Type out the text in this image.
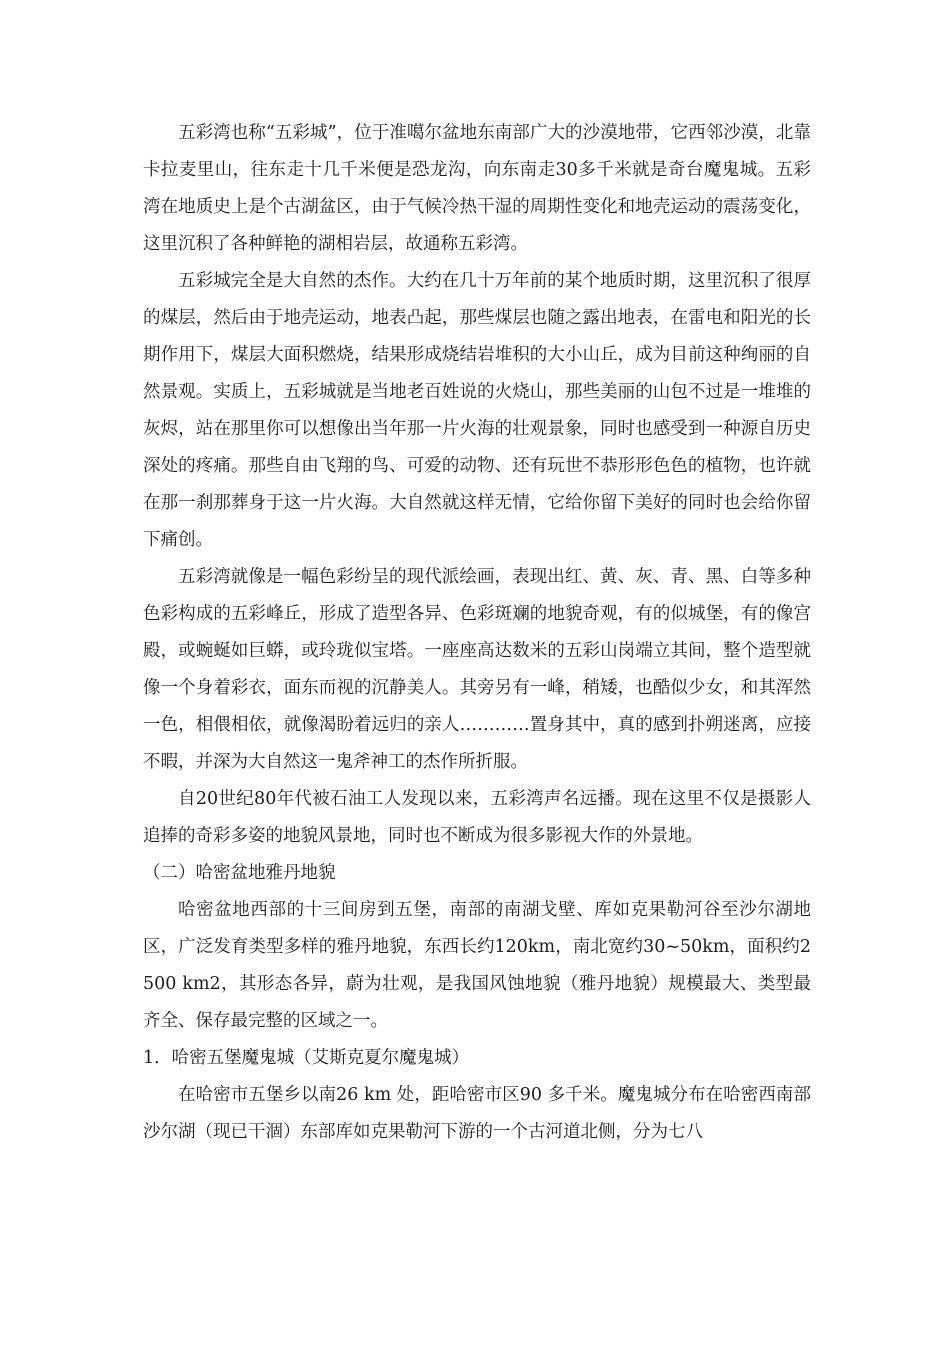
五彩湾也称“五彩城”，位于准噶尔盆地东南部广大的沙漠地带，它西邻沙漠，北靠卡拉麦里山，往东走十几千米便是恐龙沟，向东南走30多千米就是奇台魔鬼城。五彩湾在地质史上是个古湖盆区，由于气候冷热干湿的周期性变化和地壳运动的震荡变化，这里沉积了各种鲜艳的湖相岩层，故通称五彩湾。

五彩城完全是大自然的杰作。大约在几十万年前的某个地质时期，这里沉积了很厚的煤层，然后由于地壳运动，地表凸起，那些煤层也随之露出地表，在雷电和阳光的长期作用下，煤层大面积燃烧，结果形成烧结岩堆积的大小山丘，成为目前这种绚丽的自然景观。实质上，五彩城就是当地老百姓说的火烧山，那些美丽的山包不过是一堆堆的灰烬，站在那里你可以想像出当年那一片火海的壮观景象，同时也感受到一种源自历史深处的疼痛。那些自由飞翔的鸟、可爱的动物、还有玩世不恭形形色色的植物，也许就在那一刹那葬身于这一片火海。大自然就这样无情，它给你留下美好的同时也会给你留下痛创。

五彩湾就像是一幅色彩纷呈的现代派绘画，表现出红、黄、灰、青、黑、白等多种色彩构成的五彩峰丘，形成了造型各异、色彩斑斓的地貌奇观，有的似城堡，有的像宫殿，或蜿蜒如巨蟒，或玲珑似宝塔。一座座高达数米的五彩山岗端立其间，整个造型就像一个身着彩衣，面东而视的沉静美人。其旁另有一峰，稍矮，也酷似少女，和其浑然一色，相偎相依，就像渴盼着远归的亲人…………置身其中，真的感到扑朔迷离，应接不暇，并深为大自然这一鬼斧神工的杰作所折服。

自20世纪80年代被石油工人发现以来，五彩湾声名远播。现在这里不仅是摄影人追捧的奇彩多姿的地貌风景地，同时也不断成为很多影视大作的外景地。

（二）哈密盆地雅丹地貌

哈密盆地西部的十三间房到五堡，南部的南湖戈壁、库如克果勒河谷至沙尔湖地区，广泛发育类型多样的雅丹地貌，东西长约120km，南北宽约30~50km，面积约2 500 km2，其形态各异，蔚为壮观，是我国风蚀地貌（雅丹地貌）规模最大、类型最齐全、保存最完整的区域之一。

1．哈密五堡魔鬼城（艾斯克夏尔魔鬼城）

在哈密市五堡乡以南26 km 处，距哈密市区90 多千米。魔鬼城分布在哈密西南部沙尔湖（现已干涸）东部库如克果勒河下游的一个古河道北侧，分为七八
